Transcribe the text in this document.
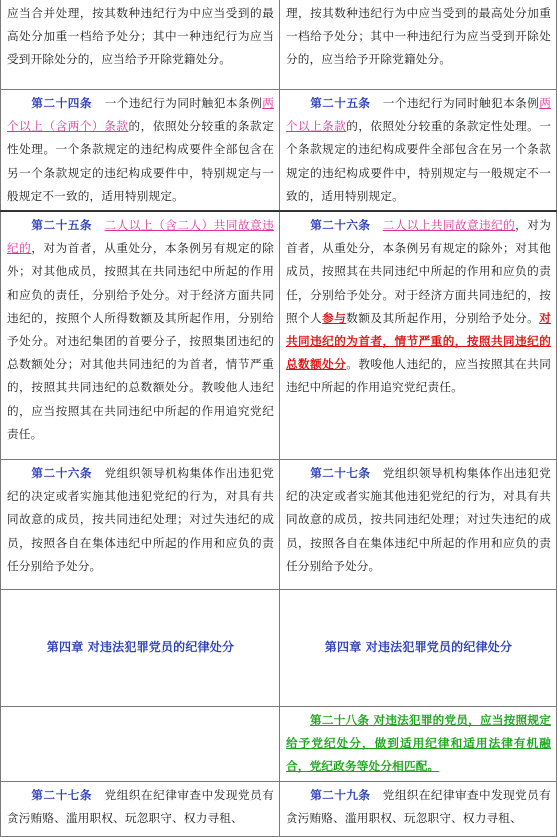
应当合并处理，按其数种违纪行为中应当受到的最高处分加重一档给予处分；其中一种违纪行为应当受到开除处分的，应当给予开除党籍处分。	理，按其数种违纪行为中应当受到的最高处分加重一档给予处分；其中一种违纪行为应当受到开除处分的，应当给予开除党籍处分。
第二十四条 一个违纪行为同时触犯本条例两个以上（含两个）条款的，依照处分较重的条款定性处理。一个条款规定的违纪构成要件全部包含在另一个条款规定的违纪构成要件中，特别规定与一般规定不一致的，适用特别规定。	第二十五条 一个违纪行为同时触犯本条例两个以上条款的，依照处分较重的条款定性处理。一个条款规定的违纪构成要件全部包含在另一个条款规定的违纪构成要件中，特别规定与一般规定不一致的，适用特别规定。
第二十五条 二人以上（含二人）共同故意违纪的，对为首者，从重处分，本条例另有规定的除外；对其他成员，按照其在共同违纪中所起的作用和应负的责任，分别给予处分。对于经济方面共同违纪的，按照个人所得数额及其所起作用，分别给予处分。对违纪集团的首要分子，按照集团违纪的总数额处分；对其他共同违纪的为首者，情节严重的，按照其共同违纪的总数额处分。教唆他人违纪的，应当按照其在共同违纪中所起的作用追究党纪责任。	第二十六条 二人以上共同故意违纪的，对为首者，从重处分，本条例另有规定的除外；对其他成员，按照其在共同违纪中所起的作用和应负的责任，分别给予处分。对于经济方面共同违纪的，按照个人参与数额及其所起作用，分别给予处分。对共同违纪的为首者，情节严重的，按照共同违纪的总数额处分。教唆他人违纪的，应当按照其在共同违纪中所起的作用追究党纪责任。
第二十六条 党组织领导机构集体作出违犯党纪的决定或者实施其他违犯党纪的行为，对具有共同故意的成员，按共同违纪处理；对过失违纪的成员，按照各自在集体违纪中所起的作用和应负的责任分别给予处分。	第二十七条 党组织领导机构集体作出违犯党纪的决定或者实施其他违犯党纪的行为，对具有共同故意的成员，按共同违纪处理；对过失违纪的成员，按照各自在集体违纪中所起的作用和应负的责任分别给予处分。
第四章 对违法犯罪党员的纪律处分	第四章 对违法犯罪党员的纪律处分
	第二十八条 对违法犯罪的党员，应当按照规定给予党纪处分，做到适用纪律和适用法律有机融合，党纪政务等处分相匹配。
第二十七条 党组织在纪律审查中发现党员有贪污贿赂、滥用职权、玩忽职守、权力寻租、	第二十九条 党组织在纪律审查中发现党员有贪污贿赂、滥用职权、玩忽职守、权力寻租、
